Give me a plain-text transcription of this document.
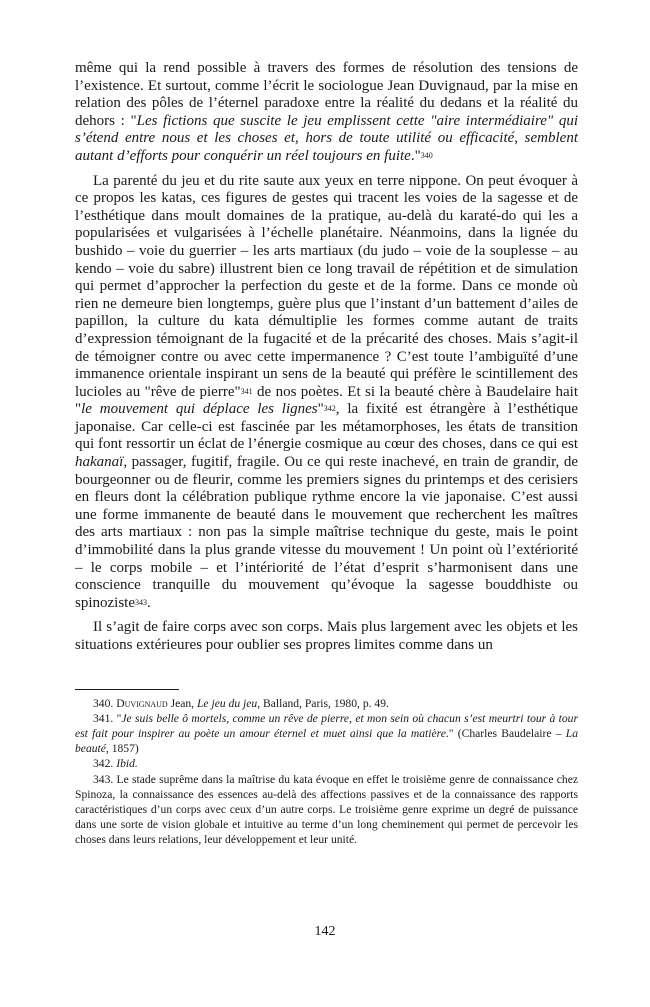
même qui la rend possible à travers des formes de résolution des tensions de l’existence. Et surtout, comme l’écrit le sociologue Jean Duvignaud, par la mise en relation des pôles de l’éternel paradoxe entre la réalité du dedans et la réalité du dehors : "Les fictions que suscite le jeu emplissent cette "aire intermédiaire" qui s’étend entre nous et les choses et, hors de toute utilité ou efficacité, semblent autant d’efforts pour conquérir un réel toujours en fuite."$^{340}$

La parenté du jeu et du rite saute aux yeux en terre nippone. On peut évoquer à ce propos les katas, ces figures de gestes qui tracent les voies de la sagesse et de l’esthétique dans moult domaines de la pratique, au-delà du karaté-do qui les a popularisées et vulgarisées à l’échelle planétaire. Néanmoins, dans la lignée du bushido – voie du guerrier – les arts martiaux (du judo – voie de la souplesse – au kendo – voie du sabre) illustrent bien ce long travail de répétition et de simulation qui permet d’approcher la perfection du geste et de la forme. Dans ce monde où rien ne demeure bien longtemps, guère plus que l’instant d’un battement d’ailes de papillon, la culture du kata démultiplie les formes comme autant de traits d’expression témoignant de la fugacité et de la précarité des choses. Mais s’agit-il de témoigner contre ou avec cette impermanence ? C’est toute l’ambiguïté d’une immanence orientale inspirant un sens de la beauté qui préfère le scintillement des lucioles au "rêve de pierre"$^{341}$ de nos poètes. Et si la beauté chère à Baudelaire hait "le mouvement qui déplace les lignes"$^{342}$, la fixité est étrangère à l’esthétique japonaise. Car celle-ci est fascinée par les métamorphoses, les états de transition qui font ressortir un éclat de l’énergie cosmique au cœur des choses, dans ce qui est hakanaï, passager, fugitif, fragile. Ou ce qui reste inachevé, en train de grandir, de bourgeonner ou de fleurir, comme les premiers signes du printemps et des cerisiers en fleurs dont la célébration publique rythme encore la vie japonaise. C’est aussi une forme immanente de beauté dans le mouvement que recherchent les maîtres des arts martiaux : non pas la simple maîtrise technique du geste, mais le point d’immobilité dans la plus grande vitesse du mouvement ! Un point où l’extériorité – le corps mobile – et l’intériorité de l’état d’esprit s’harmonisent dans une conscience tranquille du mouvement qu’évoque la sagesse bouddhiste ou spinoziste$^{343}$.

Il s’agit de faire corps avec son corps. Mais plus largement avec les objets et les situations extérieures pour oublier ses propres limites comme dans un

340. Duvignaud Jean, Le jeu du jeu, Balland, Paris, 1980, p. 49.

341. "Je suis belle ô mortels, comme un rêve de pierre, et mon sein où chacun s’est meurtri tour à tour est fait pour inspirer au poète un amour éternel et muet ainsi que la matière." (Charles Baudelaire – La beauté, 1857)

342. Ibid.

343. Le stade suprême dans la maîtrise du kata évoque en effet le troisième genre de connaissance chez Spinoza, la connaissance des essences au-delà des affections passives et de la connaissance des rapports caractéristiques d’un corps avec ceux d’un autre corps. Le troisième genre exprime un degré de puissance dans une sorte de vision globale et intuitive au terme d’un long cheminement qui permet de percevoir les choses dans leurs relations, leur développement et leur unité.

142
